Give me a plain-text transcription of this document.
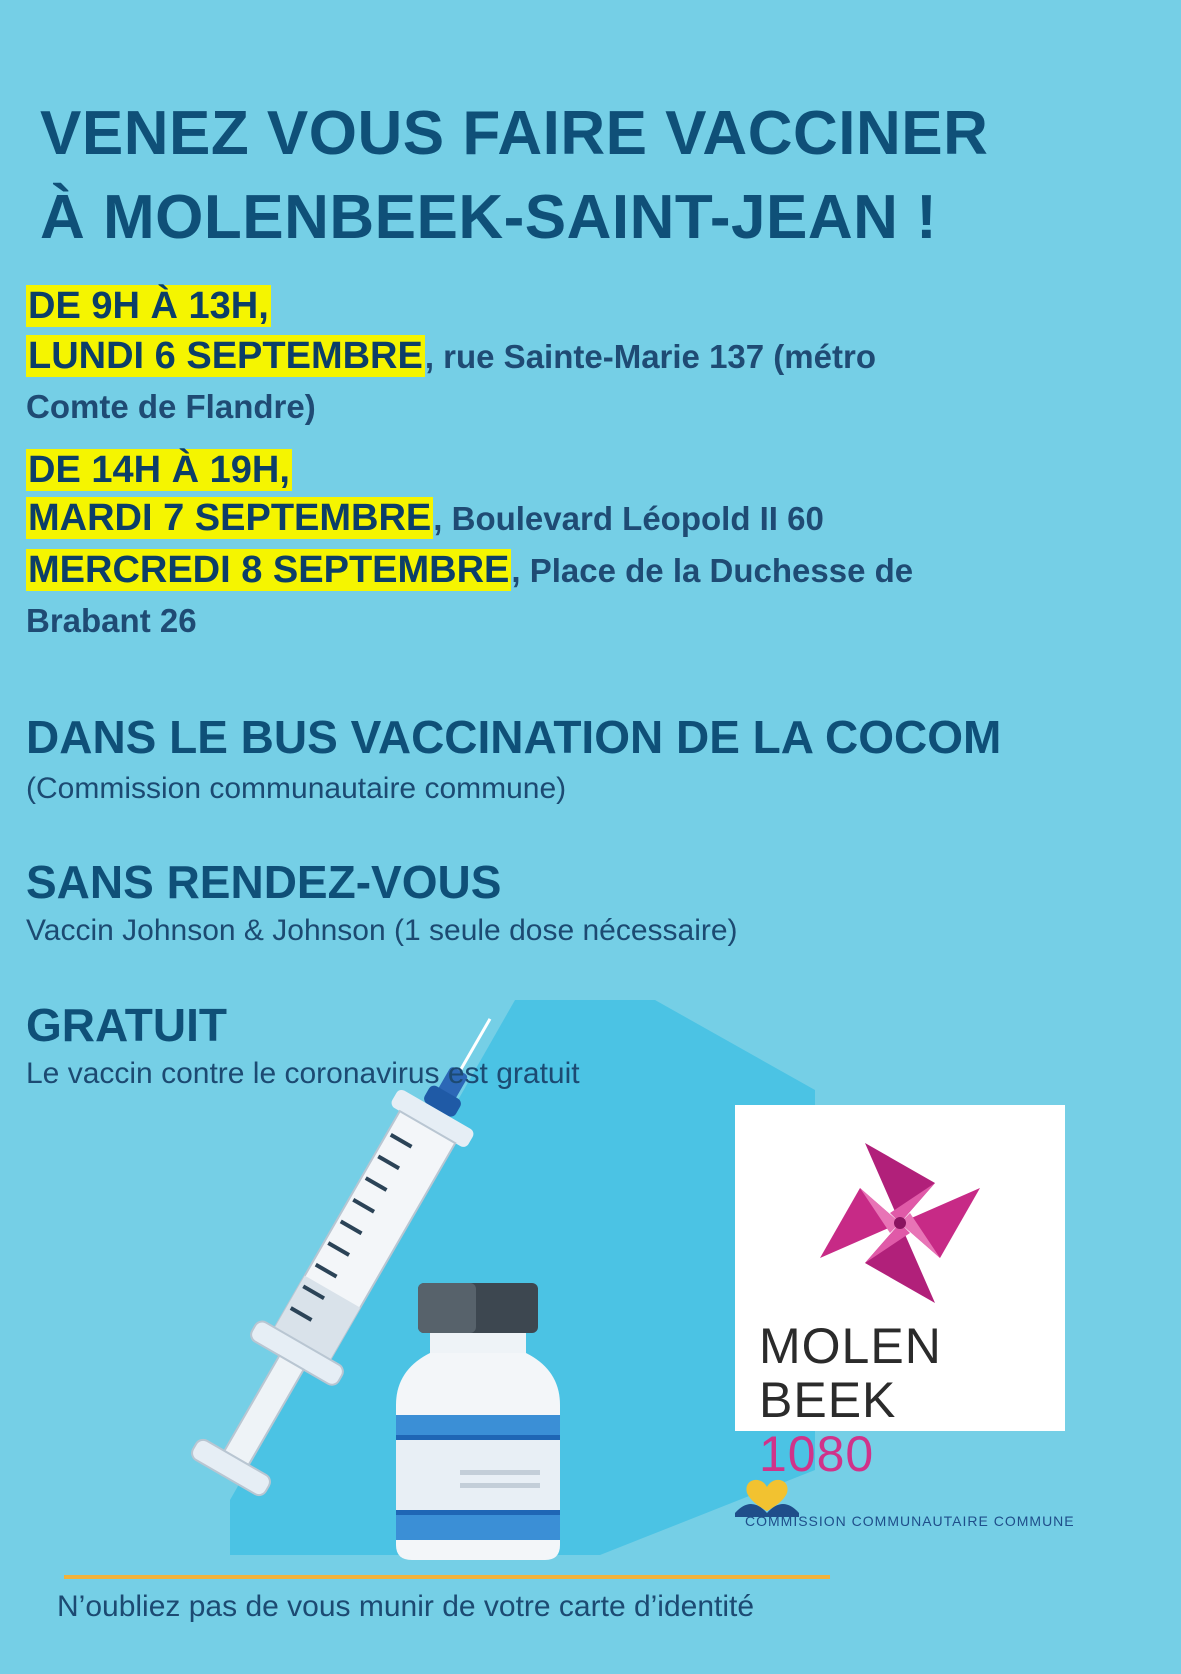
VENEZ VOUS FAIRE VACCINER
À MOLENBEEK-SAINT-JEAN !
DE 9H À 13H,
LUNDI 6 SEPTEMBRE, rue Sainte-Marie 137 (métro
Comte de Flandre)
DE 14H À 19H,
MARDI 7 SEPTEMBRE, Boulevard Léopold II 60
MERCREDI 8 SEPTEMBRE, Place de la Duchesse de
Brabant 26
DANS LE BUS VACCINATION DE LA COCOM

(Commission communautaire commune)

SANS RENDEZ-VOUS

Vaccin Johnson & Johnson (1 seule dose nécessaire)

GRATUIT

Le vaccin contre le coronavirus est gratuit

MOLEN
BEEK
1080
COMMISSION COMMUNAUTAIRE COMMUNE

N’oubliez pas de vous munir de votre carte d’identité
